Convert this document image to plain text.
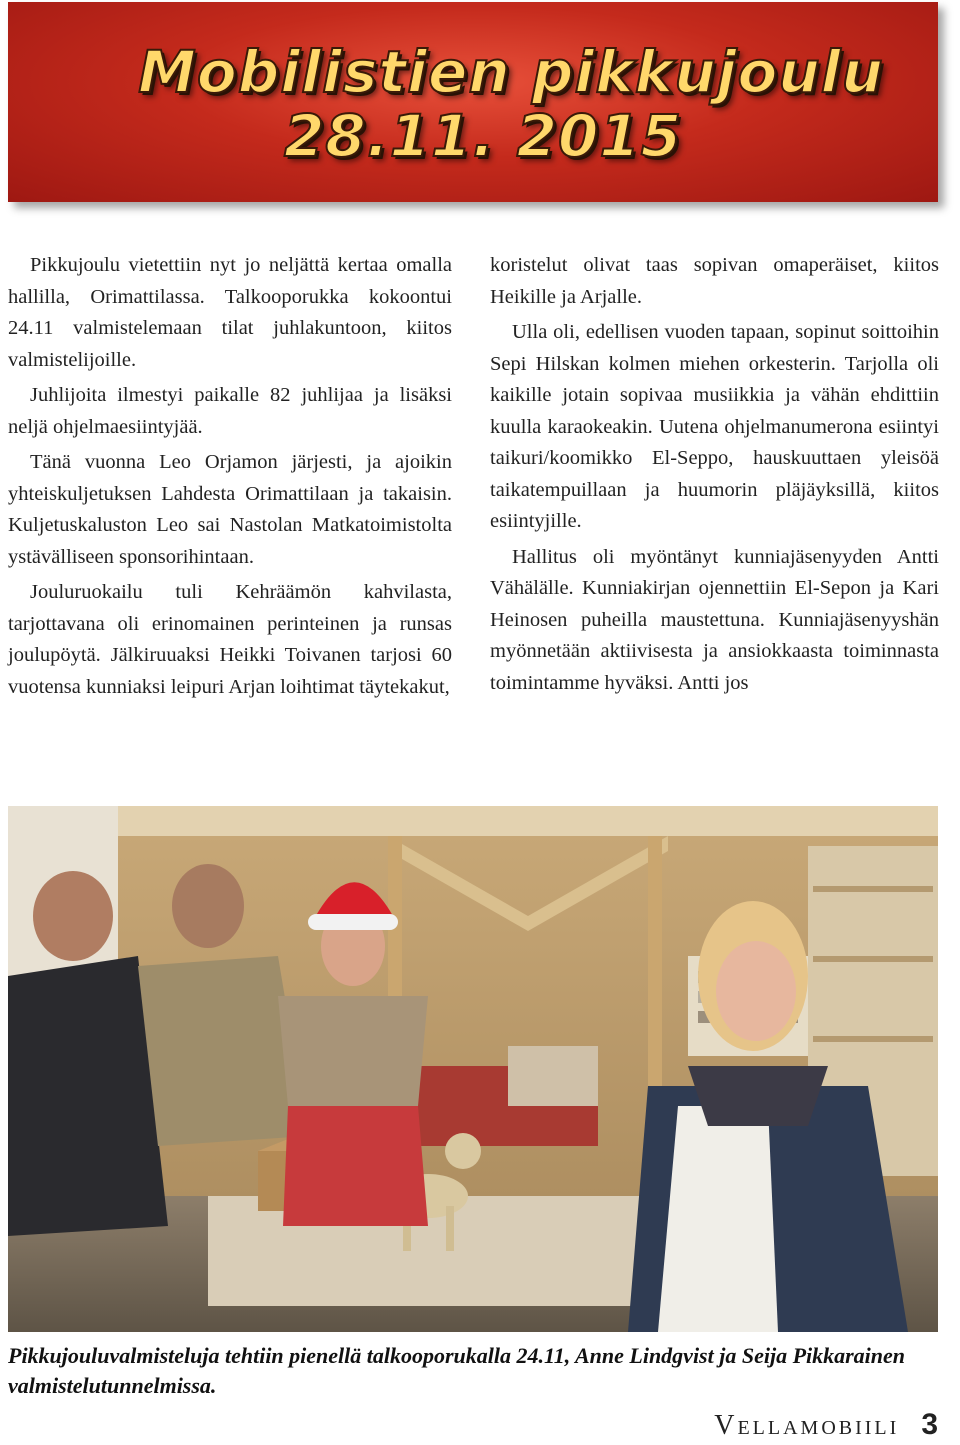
Mobilistien pikkujoulu
28.11. 2015

Pikkujoulu vietettiin nyt jo neljättä kertaa omalla hallilla, Orimattilassa. Talkooporukka kokoontui 24.11 valmistelemaan tilat juhlakuntoon, kiitos valmistelijoille.

Juhlijoita ilmestyi paikalle 82 juhlijaa ja lisäksi neljä ohjelmaesiintyjää.

Tänä vuonna Leo Orjamon järjesti, ja ajoikin yhteiskuljetuksen Lahdesta Orimattilaan ja takaisin. Kuljetuskaluston Leo sai Nastolan Matkatoimistolta ystävälliseen sponsorihintaan.

Jouluruokailu tuli Kehräämön kahvilasta, tarjottavana oli erinomainen perinteinen ja runsas joulupöytä. Jälkiruuaksi Heikki Toivanen tarjosi 60 vuotensa kunniaksi leipuri Arjan loihtimat täytekakut,

koristelut olivat taas sopivan omaperäiset, kiitos Heikille ja Arjalle.

Ulla oli, edellisen vuoden tapaan, sopinut soittoihin Sepi Hilskan kolmen miehen orkesterin. Tarjolla oli kaikille jotain sopivaa musiikkia ja vähän ehdittiin kuulla karaokeakin. Uutena ohjelmanumerona esiintyi taikuri/koomikko El-Seppo, hauskuuttaen yleisöä taikatempuillaan ja huumorin pläjäyksillä, kiitos esiintyjille.

Hallitus oli myöntänyt kunniajäsenyyden Antti Vähälälle. Kunniakirjan ojennettiin El-Sepon ja Kari Heinosen puheilla maustettuna. Kunniajäsenyyshän myönnetään aktiivisesta ja ansiokkaasta toiminnasta toimintamme hyväksi. Antti jos

Pikkujouluvalmisteluja tehtiin pienellä talkooporukalla 24.11, Anne Lindgvist ja Seija Pikkarainen valmistelutunnelmissa.
Vellamobiili 3
